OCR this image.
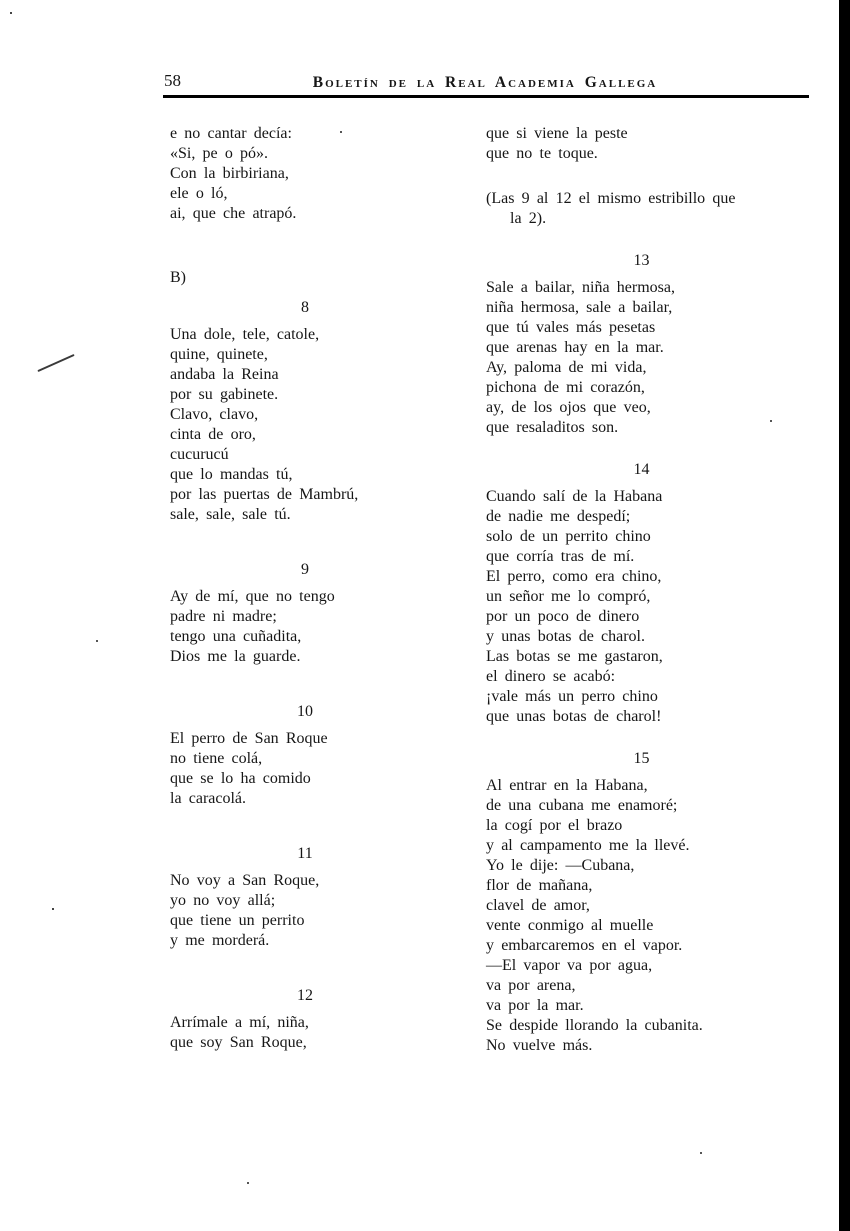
58	Boletín de la Real Academia Gallega
e no cantar decía:
«Si, pe o pó».
Con la birbiriana,
ele o ló,
ai, que che atrapó.
B)
8
Una dole, tele, catole,
quine, quinete,
andaba la Reina
por su gabinete.
Clavo, clavo,
cinta de oro,
cucurucú
que lo mandas tú,
por las puertas de Mambrú,
sale, sale, sale tú.
9
Ay de mí, que no tengo
padre ni madre;
tengo una cuñadita,
Dios me la guarde.
10
El perro de San Roque
no tiene colá,
que se lo ha comido
la caracolá.
11
No voy a San Roque,
yo no voy allá;
que tiene un perrito
y me morderá.
12
Arrímale a mí, niña,
que soy San Roque,
que si viene la peste
que no te toque.
(Las 9 al 12 el mismo estribillo que
la 2).
13
Sale a bailar, niña hermosa,
niña hermosa, sale a bailar,
que tú vales más pesetas
que arenas hay en la mar.
Ay, paloma de mi vida,
pichona de mi corazón,
ay, de los ojos que veo,
que resaladitos son.
14
Cuando salí de la Habana
de nadie me despedí;
solo de un perrito chino
que corría tras de mí.
El perro, como era chino,
un señor me lo compró,
por un poco de dinero
y unas botas de charol.
Las botas se me gastaron,
el dinero se acabó:
¡vale más un perro chino
que unas botas de charol!
15
Al entrar en la Habana,
de una cubana me enamoré;
la cogí por el brazo
y al campamento me la llevé.
Yo le dije: —Cubana,
flor de mañana,
clavel de amor,
vente conmigo al muelle
y embarcaremos en el vapor.
—El vapor va por agua,
va por arena,
va por la mar.
Se despide llorando la cubanita.
No vuelve más.
